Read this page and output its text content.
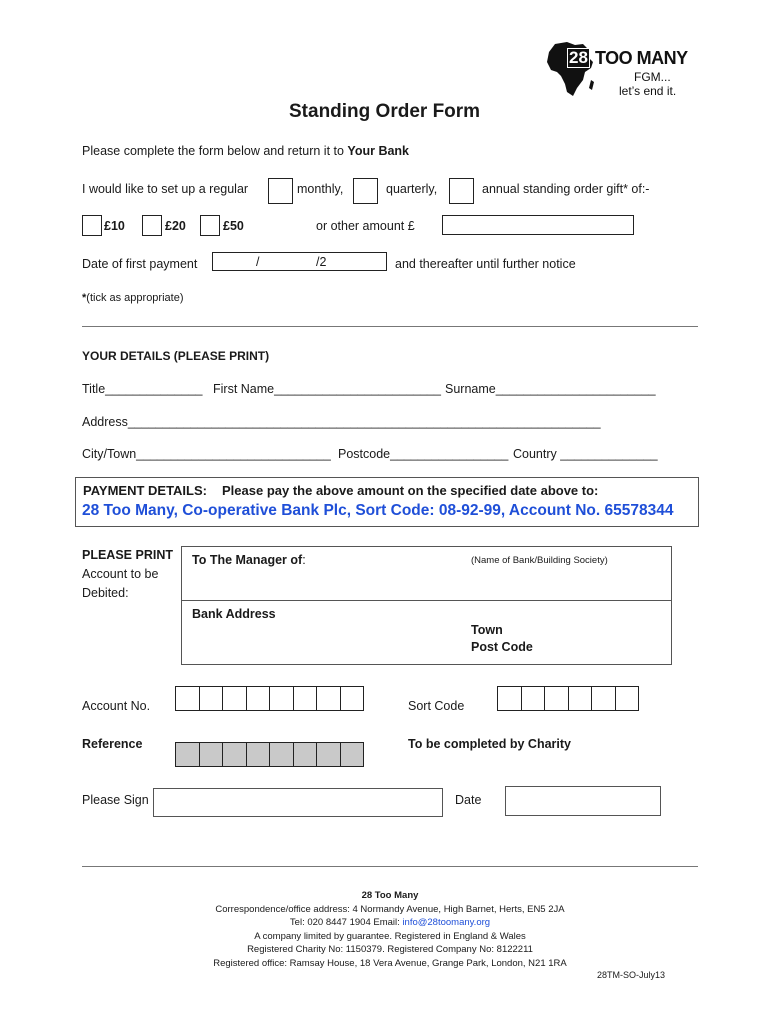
28 TOO MANY
FGM...
let’s end it.
Standing Order Form
Please complete the form below and return it to Your Bank
I would like to set up a regular	monthly,	quarterly,	annual standing order gift* of:-
£10	£20	£50	or other amount £
Date of first payment	/	/2	and thereafter until further notice
*(tick as appropriate)
YOUR DETAILS (PLEASE PRINT)
Title______________ First Name________________________ Surname_______________________
Address____________________________________________________________________
City/Town____________________________ Postcode_________________ Country ______________
PAYMENT DETAILS: Please pay the above amount on the specified date above to:
28 Too Many, Co-operative Bank Plc, Sort Code: 08-92-99, Account No. 65578344
PLEASE PRINT
Account to be
Debited:
To The Manager of:	(Name of Bank/Building Society)
Bank Address
Town
Post Code
Account No.	Sort Code
Reference	To be completed by Charity
Please Sign	Date
28 Too Many
Correspondence/office address: 4 Normandy Avenue, High Barnet, Herts, EN5 2JA
Tel: 020 8447 1904 Email: info@28toomany.org
A company limited by guarantee. Registered in England & Wales
Registered Charity No: 1150379. Registered Company No: 8122211
Registered office: Ramsay House, 18 Vera Avenue, Grange Park, London, N21 1RA
28TM-SO-July13
